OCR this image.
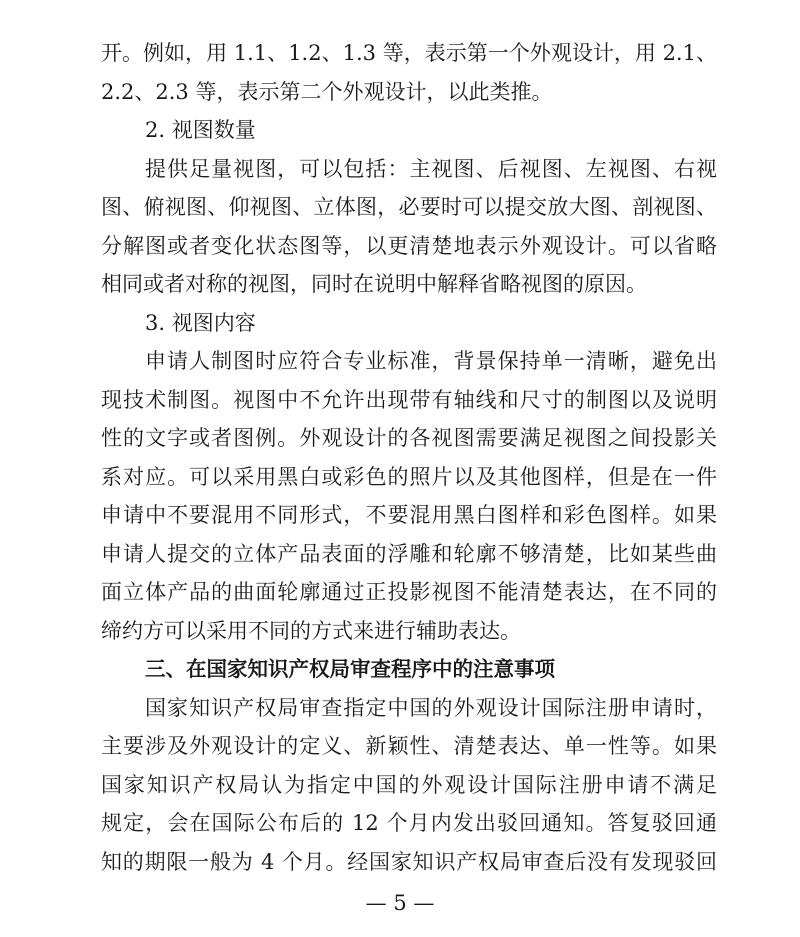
开。例如，用 1.1、1.2、1.3 等，表示第一个外观设计，用 2.1、
2.2、2.3 等，表示第二个外观设计，以此类推。
2. 视图数量
提供足量视图，可以包括：主视图、后视图、左视图、右视
图、俯视图、仰视图、立体图，必要时可以提交放大图、剖视图、
分解图或者变化状态图等，以更清楚地表示外观设计。可以省略
相同或者对称的视图，同时在说明中解释省略视图的原因。
3. 视图内容
申请人制图时应符合专业标准，背景保持单一清晰，避免出
现技术制图。视图中不允许出现带有轴线和尺寸的制图以及说明
性的文字或者图例。外观设计的各视图需要满足视图之间投影关
系对应。可以采用黑白或彩色的照片以及其他图样，但是在一件
申请中不要混用不同形式，不要混用黑白图样和彩色图样。如果
申请人提交的立体产品表面的浮雕和轮廓不够清楚，比如某些曲
面立体产品的曲面轮廓通过正投影视图不能清楚表达，在不同的
缔约方可以采用不同的方式来进行辅助表达。
三、在国家知识产权局审查程序中的注意事项
国家知识产权局审查指定中国的外观设计国际注册申请时，
主要涉及外观设计的定义、新颖性、清楚表达、单一性等。如果
国家知识产权局认为指定中国的外观设计国际注册申请不满足
规定，会在国际公布后的 12 个月内发出驳回通知。答复驳回通
知的期限一般为 4 个月。经国家知识产权局审查后没有发现驳回
— 5 —
